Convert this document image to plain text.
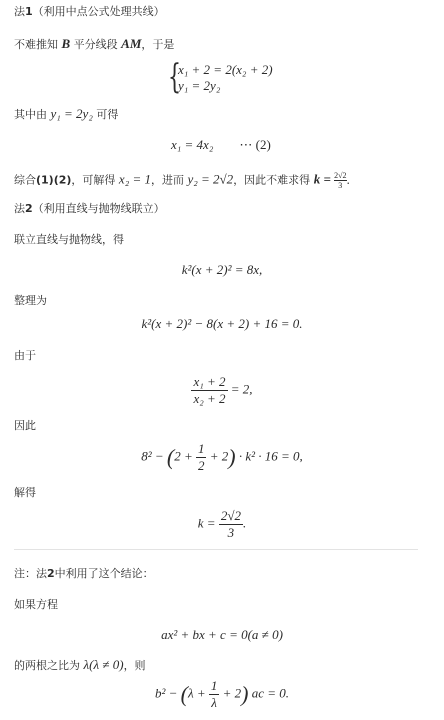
法1（利用中点公式处理共线）
不难推知 B 平分线段 AM，于是
{
x₁ + 2 = 2(x₂ + 2)
y₁ = 2y₂
其中由 y₁ = 2y₂ 可得
x₁ = 4x₂ ⋯ (2)
综合(1)(2)，可解得 x₂ = 1，进而 y₂ = 2√2，因此不难求得 $k = \frac{2√2}{3}$ ．
法2（利用直线与抛物线联立）
联立直线与抛物线，得
k²(x + 2)² = 8x,
整理为
k²(x + 2)² − 8(x + 2) + 16 = 0.
由于
$\frac{\text{x₁ + 2}}{\text{x₂ + 2}} = 2$,
因此
$8^2 - (2 + \frac{1}{2} + 2) \cdot k^2 \cdot 16 = 0$,
解得
$k = \frac{2√2}{3}$ .
注：法2中利用了这个结论：
如果方程
ax² + bx + c = 0(a ≠ 0)
的两根之比为 λ(λ ≠ 0)，则
$b^2 - (\lambda + \frac{1}{\lambda} + 2)$ ac = 0.
